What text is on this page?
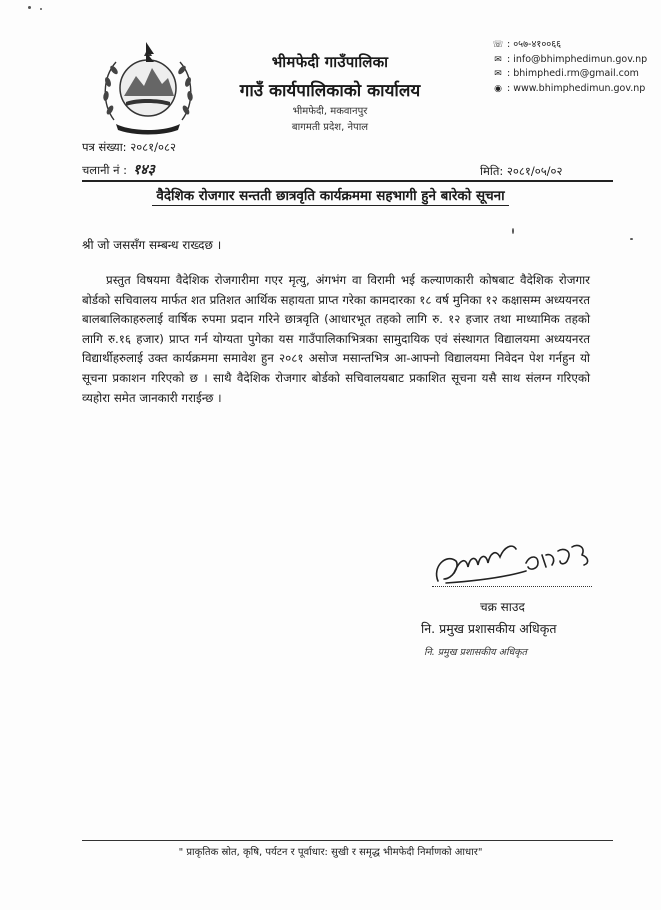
भीमफेदी गाउँपालिका
गाउँ कार्यपालिकाको कार्यालय
भीमफेदी, मकवानपुर
बागमती प्रदेश, नेपाल
☏ : ०५७-४१००६६
✉ : info@bhimphedimun.gov.np
✉ : bhimphedi.rm@gmail.com
◉ : www.bhimphedimun.gov.np
पत्र संख्या: २०८१/०८२
चलानी नं : १४३	मिति: २०८१/०५/०२
वैदेशिक रोजगार सन्तती छात्रवृति कार्यक्रममा सहभागी हुने बारेको सूचना
श्री जो जससँग सम्बन्ध राख्दछ ।
प्रस्तुत विषयमा वैदेशिक रोजगारीमा गएर मृत्यु, अंगभंग वा विरामी भई कल्याणकारी कोषबाट वैदेशिक रोजगार बोर्डको सचिवालय मार्फत शत प्रतिशत आर्थिक सहायता प्राप्त गरेका कामदारका १८ वर्ष मुनिका १२ कक्षासम्म अध्ययनरत बालबालिकाहरुलाई वार्षिक रुपमा प्रदान गरिने छात्रवृति (आधारभूत तहको लागि रु. १२ हजार तथा माध्यामिक तहको लागि रु.१६ हजार) प्राप्त गर्न योग्यता पुगेका यस गाउँपालिकाभित्रका सामुदायिक एवं संस्थागत विद्यालयमा अध्ययनरत विद्यार्थीहरुलाई उक्त कार्यक्रममा समावेश हुन २०८१ असोज मसान्तभित्र आ-आफ्नो विद्यालयमा निवेदन पेश गर्नहुन यो सूचना प्रकाशन गरिएको छ । साथै वैदेशिक रोजगार बोर्डको सचिवालयबाट प्रकाशित सूचना यसै साथ संलग्न गरिएको व्यहोरा समेत जानकारी गराईन्छ ।
चक्र साउद
नि. प्रमुख प्रशासकीय अधिकृत
नि. प्रमुख प्रशासकीय अधिकृत
" प्राकृतिक स्रोत, कृषि, पर्यटन र पूर्वाधार: सुखी र समृद्ध भीमफेदी निर्माणको आधार"
